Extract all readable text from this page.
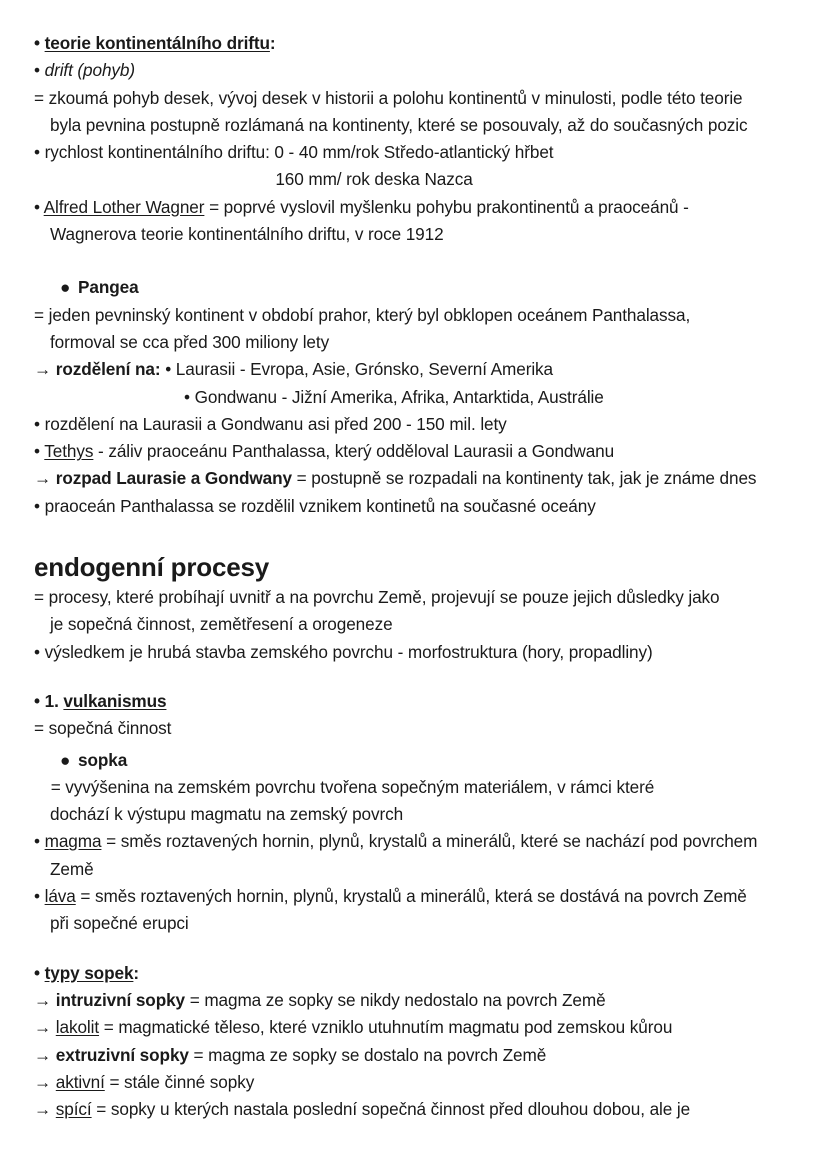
• teorie kontinentálního driftu:
• drift (pohyb)
= zkoumá pohyb desek, vývoj desek v historii a polohu kontinentů v minulosti, podle této teorie
byla pevnina postupně rozlámaná na kontinenty, které se posouvaly, až do současných pozic
• rychlost kontinentálního driftu: 0 - 40 mm/rok Středo-atlantický hřbet
160 mm/ rok deska Nazca
• Alfred Lother Wagner = poprvé vyslovil myšlenku pohybu prakontinentů a praoceánů -
Wagnerova teorie kontinentálního driftu, v roce 1912
● Pangea
= jeden pevninský kontinent v období prahor, který byl obklopen oceánem Panthalassa,
formoval se cca před 300 miliony lety
→ rozdělení na: • Laurasii - Evropa, Asie, Grónsko, Severní Amerika
• Gondwanu - Jižní Amerika, Afrika, Antarktida, Austrálie
• rozdělení na Laurasii a Gondwanu asi před 200 - 150 mil. lety
• Tethys - záliv praoceánu Panthalassa, který odděloval Laurasii a Gondwanu
→ rozpad Laurasie a Gondwany = postupně se rozpadali na kontinenty tak, jak je známe dnes
• praoceán Panthalassa se rozdělil vznikem kontinetů na současné oceány
endogenní procesy
= procesy, které probíhají uvnitř a na povrchu Země, projevují se pouze jejich důsledky jako
je sopečná činnost, zemětřesení a orogeneze
• výsledkem je hrubá stavba zemského povrchu - morfostruktura (hory, propadliny)
• 1. vulkanismus
= sopečná činnost
● sopka
= vyvýšenina na zemském povrchu tvořena sopečným materiálem, v rámci které
dochází k výstupu magmatu na zemský povrch
• magma = směs roztavených hornin, plynů, krystalů a minerálů, které se nachází pod povrchem
Země
• láva = směs roztavených hornin, plynů, krystalů a minerálů, která se dostává na povrch Země
při sopečné erupci
• typy sopek:
→ intruzivní sopky = magma ze sopky se nikdy nedostalo na povrch Země
→ lakolit = magmatické těleso, které vzniklo utuhnutím magmatu pod zemskou kůrou
→ extruzivní sopky = magma ze sopky se dostalo na povrch Země
→ aktivní = stále činné sopky
→ spící = sopky u kterých nastala poslední sopečná činnost před dlouhou dobou, ale je
